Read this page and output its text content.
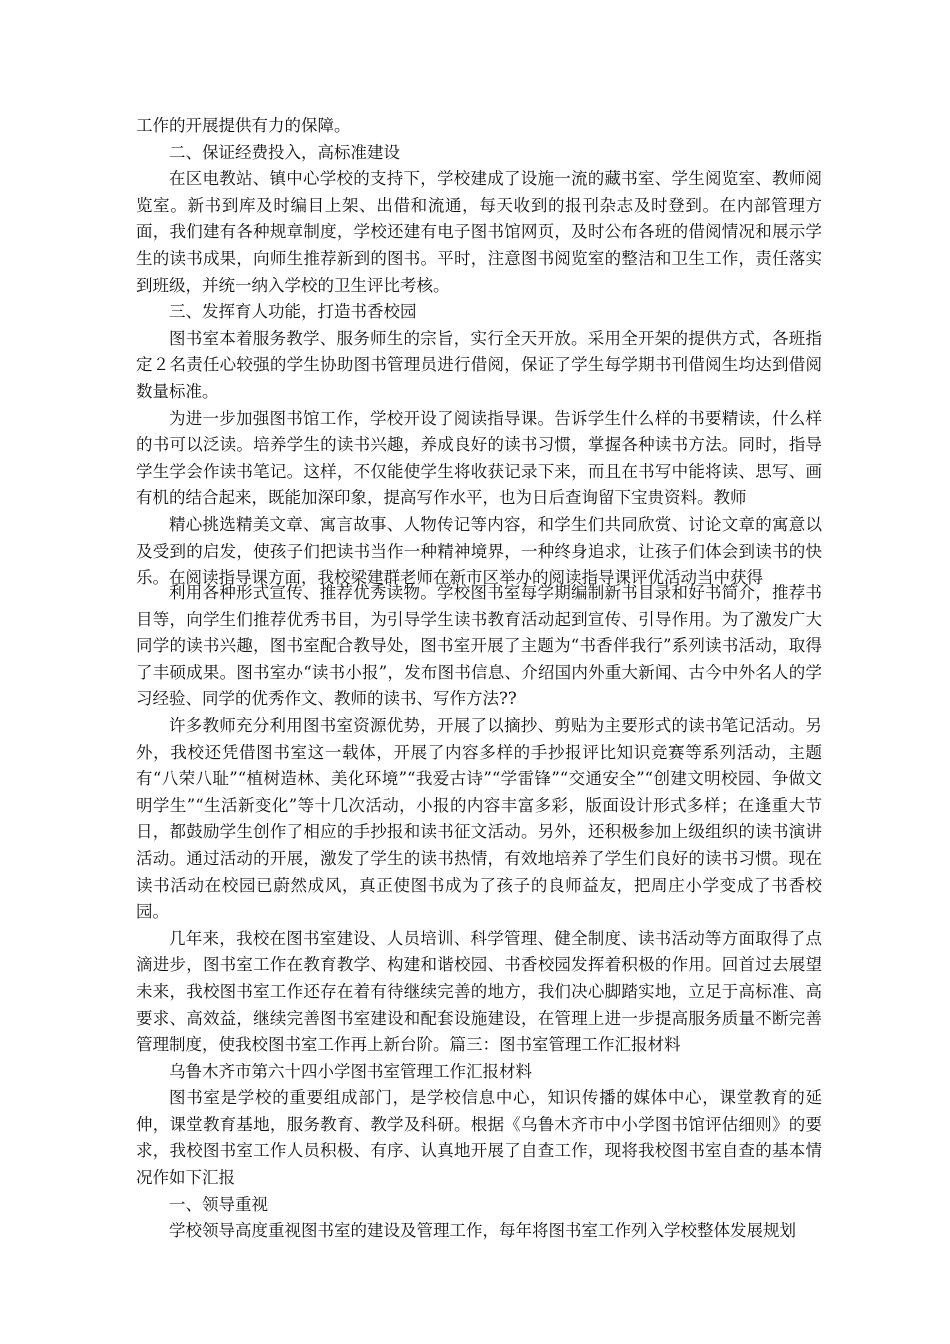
工作的开展提供有力的保障。

二、保证经费投入，高标准建设

在区电教站、镇中心学校的支持下，学校建成了设施一流的藏书室、学生阅览室、教师阅览室。新书到库及时编目上架、出借和流通，每天收到的报刊杂志及时登到。在内部管理方面，我们建有各种规章制度，学校还建有电子图书馆网页，及时公布各班的借阅情况和展示学生的读书成果，向师生推荐新到的图书。平时，注意图书阅览室的整洁和卫生工作，责任落实到班级，并统一纳入学校的卫生评比考核。

三、发挥育人功能，打造书香校园

图书室本着服务教学、服务师生的宗旨，实行全天开放。采用全开架的提供方式，各班指定２名责任心较强的学生协助图书管理员进行借阅，保证了学生每学期书刊借阅生均达到借阅数量标准。

为进一步加强图书馆工作，学校开设了阅读指导课。告诉学生什么样的书要精读，什么样的书可以泛读。培养学生的读书兴趣，养成良好的读书习惯，掌握各种读书方法。同时，指导学生学会作读书笔记。这样，不仅能使学生将收获记录下来，而且在书写中能将读、思写、画有机的结合起来，既能加深印象，提高写作水平，也为日后查询留下宝贵资料。教师

精心挑选精美文章、寓言故事、人物传记等内容，和学生们共同欣赏、讨论文章的寓意以及受到的启发，使孩子们把读书当作一种精神境界，一种终身追求，让孩子们体会到读书的快乐。在阅读指导课方面，我校梁建群老师在新市区举办的阅读指导课评优活动当中获得

利用各种形式宣传、推荐优秀读物。学校图书室每学期编制新书目录和好书简介，推荐书目等，向学生们推荐优秀书目，为引导学生读书教育活动起到宣传、引导作用。为了激发广大同学的读书兴趣，图书室配合教导处，图书室开展了主题为“书香伴我行”系列读书活动，取得了丰硕成果。图书室办“读书小报”，发布图书信息、介绍国内外重大新闻、古今中外名人的学习经验、同学的优秀作文、教师的读书、写作方法??

许多教师充分利用图书室资源优势，开展了以摘抄、剪贴为主要形式的读书笔记活动。另外，我校还凭借图书室这一载体，开展了内容多样的手抄报评比知识竞赛等系列活动，主题有“八荣八耻”“植树造林、美化环境”“我爱古诗”“学雷锋”“交通安全”“创建文明校园、争做文明学生”“生活新变化”等十几次活动，小报的内容丰富多彩，版面设计形式多样；在逢重大节日，都鼓励学生创作了相应的手抄报和读书征文活动。另外，还积极参加上级组织的读书演讲活动。通过活动的开展，激发了学生的读书热情，有效地培养了学生们良好的读书习惯。现在读书活动在校园已蔚然成风，真正使图书成为了孩子的良师益友，把周庄小学变成了书香校园。

几年来，我校在图书室建设、人员培训、科学管理、健全制度、读书活动等方面取得了点滴进步，图书室工作在教育教学、构建和谐校园、书香校园发挥着积极的作用。回首过去展望未来，我校图书室工作还存在着有待继续完善的地方，我们决心脚踏实地，立足于高标准、高要求、高效益，继续完善图书室建设和配套设施建设，在管理上进一步提高服务质量不断完善管理制度，使我校图书室工作再上新台阶。篇三：图书室管理工作汇报材料

乌鲁木齐市第六十四小学图书室管理工作汇报材料

图书室是学校的重要组成部门，是学校信息中心，知识传播的媒体中心，课堂教育的延伸，课堂教育基地，服务教育、教学及科研。根据《乌鲁木齐市中小学图书馆评估细则》的要求，我校图书室工作人员积极、有序、认真地开展了自查工作，现将我校图书室自查的基本情况作如下汇报

一、领导重视

学校领导高度重视图书室的建设及管理工作，每年将图书室工作列入学校整体发展规划
